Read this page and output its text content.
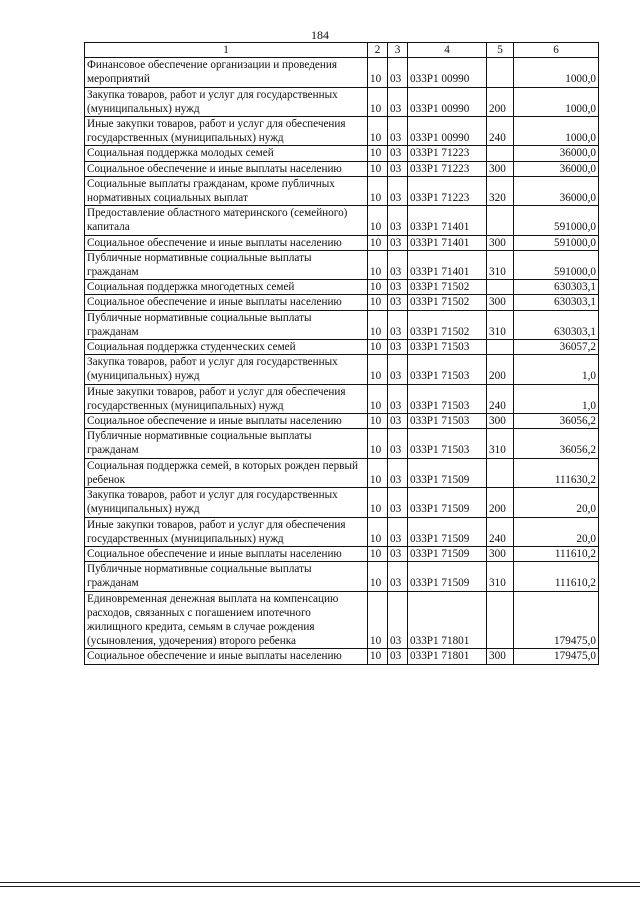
184
1	2	3	4	5	6
Финансовое обеспечение организации и проведения мероприятий	10	03	033Р1 00990		1000,0
Закупка товаров, работ и услуг для государственных (муниципальных) нужд	10	03	033Р1 00990	200	1000,0
Иные закупки товаров, работ и услуг для обеспечения государственных (муниципальных) нужд	10	03	033Р1 00990	240	1000,0
Социальная поддержка молодых семей	10	03	033Р1 71223		36000,0
Социальное обеспечение и иные выплаты населению	10	03	033Р1 71223	300	36000,0
Социальные выплаты гражданам, кроме публичных нормативных социальных выплат	10	03	033Р1 71223	320	36000,0
Предоставление областного материнского (семейного) капитала	10	03	033Р1 71401		591000,0
Социальное обеспечение и иные выплаты населению	10	03	033Р1 71401	300	591000,0
Публичные нормативные социальные выплаты гражданам	10	03	033Р1 71401	310	591000,0
Социальная поддержка многодетных семей	10	03	033Р1 71502		630303,1
Социальное обеспечение и иные выплаты населению	10	03	033Р1 71502	300	630303,1
Публичные нормативные социальные выплаты гражданам	10	03	033Р1 71502	310	630303,1
Социальная поддержка студенческих семей	10	03	033Р1 71503		36057,2
Закупка товаров, работ и услуг для государственных (муниципальных) нужд	10	03	033Р1 71503	200	1,0
Иные закупки товаров, работ и услуг для обеспечения государственных (муниципальных) нужд	10	03	033Р1 71503	240	1,0
Социальное обеспечение и иные выплаты населению	10	03	033Р1 71503	300	36056,2
Публичные нормативные социальные выплаты гражданам	10	03	033Р1 71503	310	36056,2
Социальная поддержка семей, в которых рожден первый ребенок	10	03	033Р1 71509		111630,2
Закупка товаров, работ и услуг для государственных (муниципальных) нужд	10	03	033Р1 71509	200	20,0
Иные закупки товаров, работ и услуг для обеспечения государственных (муниципальных) нужд	10	03	033Р1 71509	240	20,0
Социальное обеспечение и иные выплаты населению	10	03	033Р1 71509	300	111610,2
Публичные нормативные социальные выплаты гражданам	10	03	033Р1 71509	310	111610,2
Единовременная денежная выплата на компенсацию расходов, связанных с погашением ипотечного жилищного кредита, семьям в случае рождения (усыновления, удочерения) второго ребенка	10	03	033Р1 71801		179475,0
Социальное обеспечение и иные выплаты населению	10	03	033Р1 71801	300	179475,0
